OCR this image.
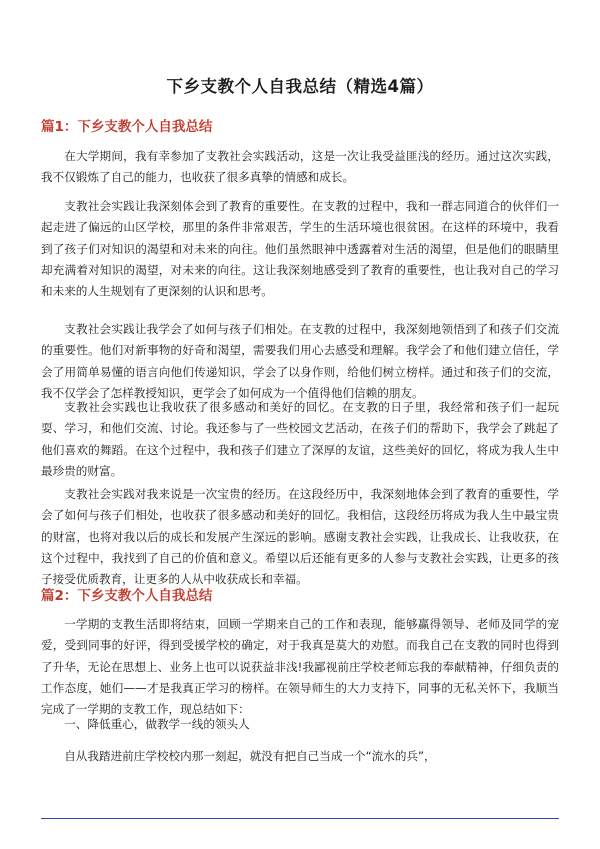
下乡支教个人自我总结（精选4篇）
篇1：下乡支教个人自我总结

在大学期间，我有幸参加了支教社会实践活动，这是一次让我受益匪浅的经历。通过这次实践，我不仅锻炼了自己的能力，也收获了很多真挚的情感和成长。

支教社会实践让我深刻体会到了教育的重要性。在支教的过程中，我和一群志同道合的伙伴们一起走进了偏远的山区学校，那里的条件非常艰苦，学生的生活环境也很贫困。在这样的环境中，我看到了孩子们对知识的渴望和对未来的向往。他们虽然眼神中透露着对生活的渴望，但是他们的眼睛里却充满着对知识的渴望，对未来的向往。这让我深刻地感受到了教育的重要性，也让我对自己的学习和未来的人生规划有了更深刻的认识和思考。

支教社会实践让我学会了如何与孩子们相处。在支教的过程中，我深刻地领悟到了和孩子们交流的重要性。他们对新事物的好奇和渴望，需要我们用心去感受和理解。我学会了和他们建立信任，学会了用简单易懂的语言向他们传递知识，学会了以身作则，给他们树立榜样。通过和孩子们的交流，我不仅学会了怎样教授知识，更学会了如何成为一个值得他们信赖的朋友。

支教社会实践也让我收获了很多感动和美好的回忆。在支教的日子里，我经常和孩子们一起玩耍、学习，和他们交流、讨论。我还参与了一些校园文艺活动，在孩子们的帮助下，我学会了跳起了他们喜欢的舞蹈。在这个过程中，我和孩子们建立了深厚的友谊，这些美好的回忆，将成为我人生中最珍贵的财富。

支教社会实践对我来说是一次宝贵的经历。在这段经历中，我深刻地体会到了教育的重要性，学会了如何与孩子们相处，也收获了很多感动和美好的回忆。我相信，这段经历将成为我人生中最宝贵的财富，也将对我以后的成长和发展产生深远的影响。感谢支教社会实践，让我成长、让我收获，在这个过程中，我找到了自己的价值和意义。希望以后还能有更多的人参与支教社会实践，让更多的孩子接受优质教育，让更多的人从中收获成长和幸福。

篇2：下乡支教个人自我总结

一学期的支教生活即将结束，回顾一学期来自己的工作和表现，能够赢得领导、老师及同学的宠爱，受到同事的好评，得到受援学校的确定，对于我真是莫大的劝慰。而我自己在支教的同时也得到了升华，无论在思想上、业务上也可以说获益非浅!我鄙视前庄学校老师忘我的奉献精神，仔细负责的工作态度，她们——才是我真正学习的榜样。在领导师生的大力支持下，同事的无私关怀下，我顺当完成了一学期的支教工作，现总结如下：

一、降低重心，做教学一线的领头人

自从我踏进前庄学校校内那一刻起，就没有把自己当成一个“流水的兵”，
